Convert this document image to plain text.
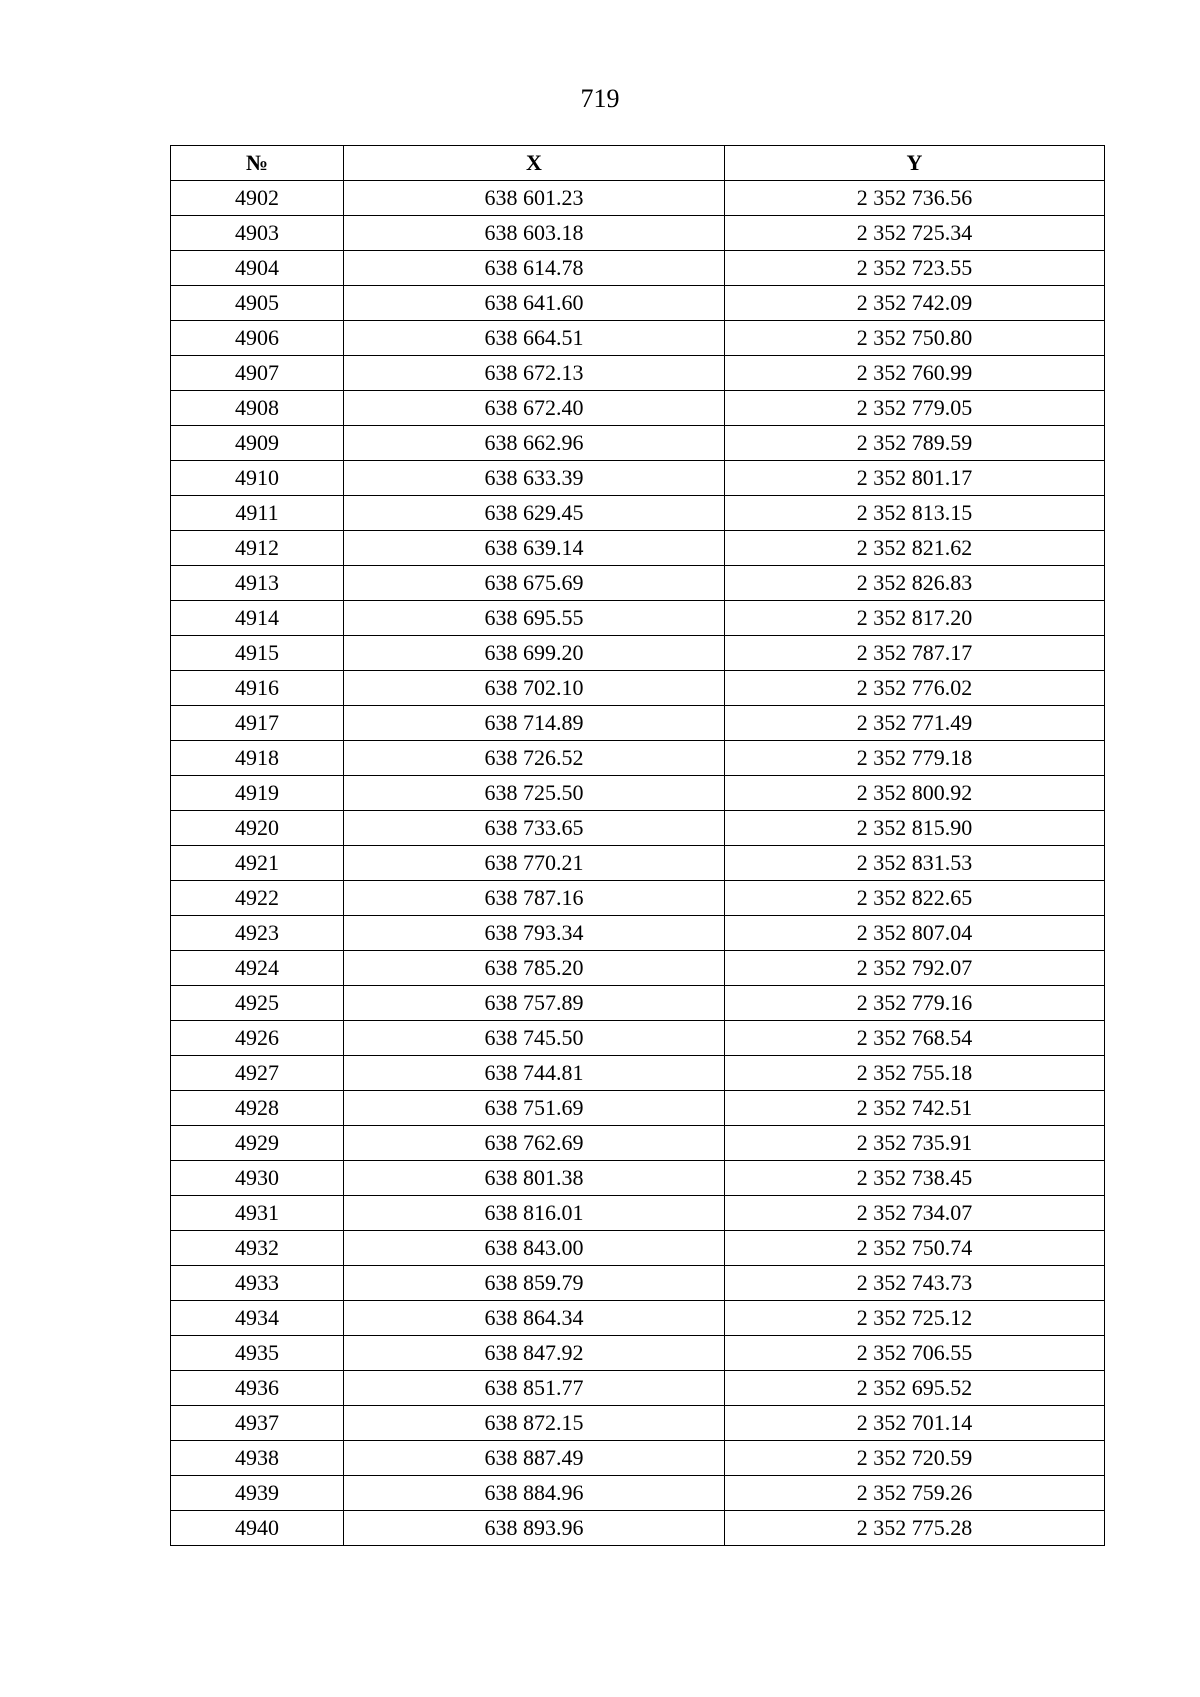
719
№	X	Y
4902	638 601.23	2 352 736.56
4903	638 603.18	2 352 725.34
4904	638 614.78	2 352 723.55
4905	638 641.60	2 352 742.09
4906	638 664.51	2 352 750.80
4907	638 672.13	2 352 760.99
4908	638 672.40	2 352 779.05
4909	638 662.96	2 352 789.59
4910	638 633.39	2 352 801.17
4911	638 629.45	2 352 813.15
4912	638 639.14	2 352 821.62
4913	638 675.69	2 352 826.83
4914	638 695.55	2 352 817.20
4915	638 699.20	2 352 787.17
4916	638 702.10	2 352 776.02
4917	638 714.89	2 352 771.49
4918	638 726.52	2 352 779.18
4919	638 725.50	2 352 800.92
4920	638 733.65	2 352 815.90
4921	638 770.21	2 352 831.53
4922	638 787.16	2 352 822.65
4923	638 793.34	2 352 807.04
4924	638 785.20	2 352 792.07
4925	638 757.89	2 352 779.16
4926	638 745.50	2 352 768.54
4927	638 744.81	2 352 755.18
4928	638 751.69	2 352 742.51
4929	638 762.69	2 352 735.91
4930	638 801.38	2 352 738.45
4931	638 816.01	2 352 734.07
4932	638 843.00	2 352 750.74
4933	638 859.79	2 352 743.73
4934	638 864.34	2 352 725.12
4935	638 847.92	2 352 706.55
4936	638 851.77	2 352 695.52
4937	638 872.15	2 352 701.14
4938	638 887.49	2 352 720.59
4939	638 884.96	2 352 759.26
4940	638 893.96	2 352 775.28
